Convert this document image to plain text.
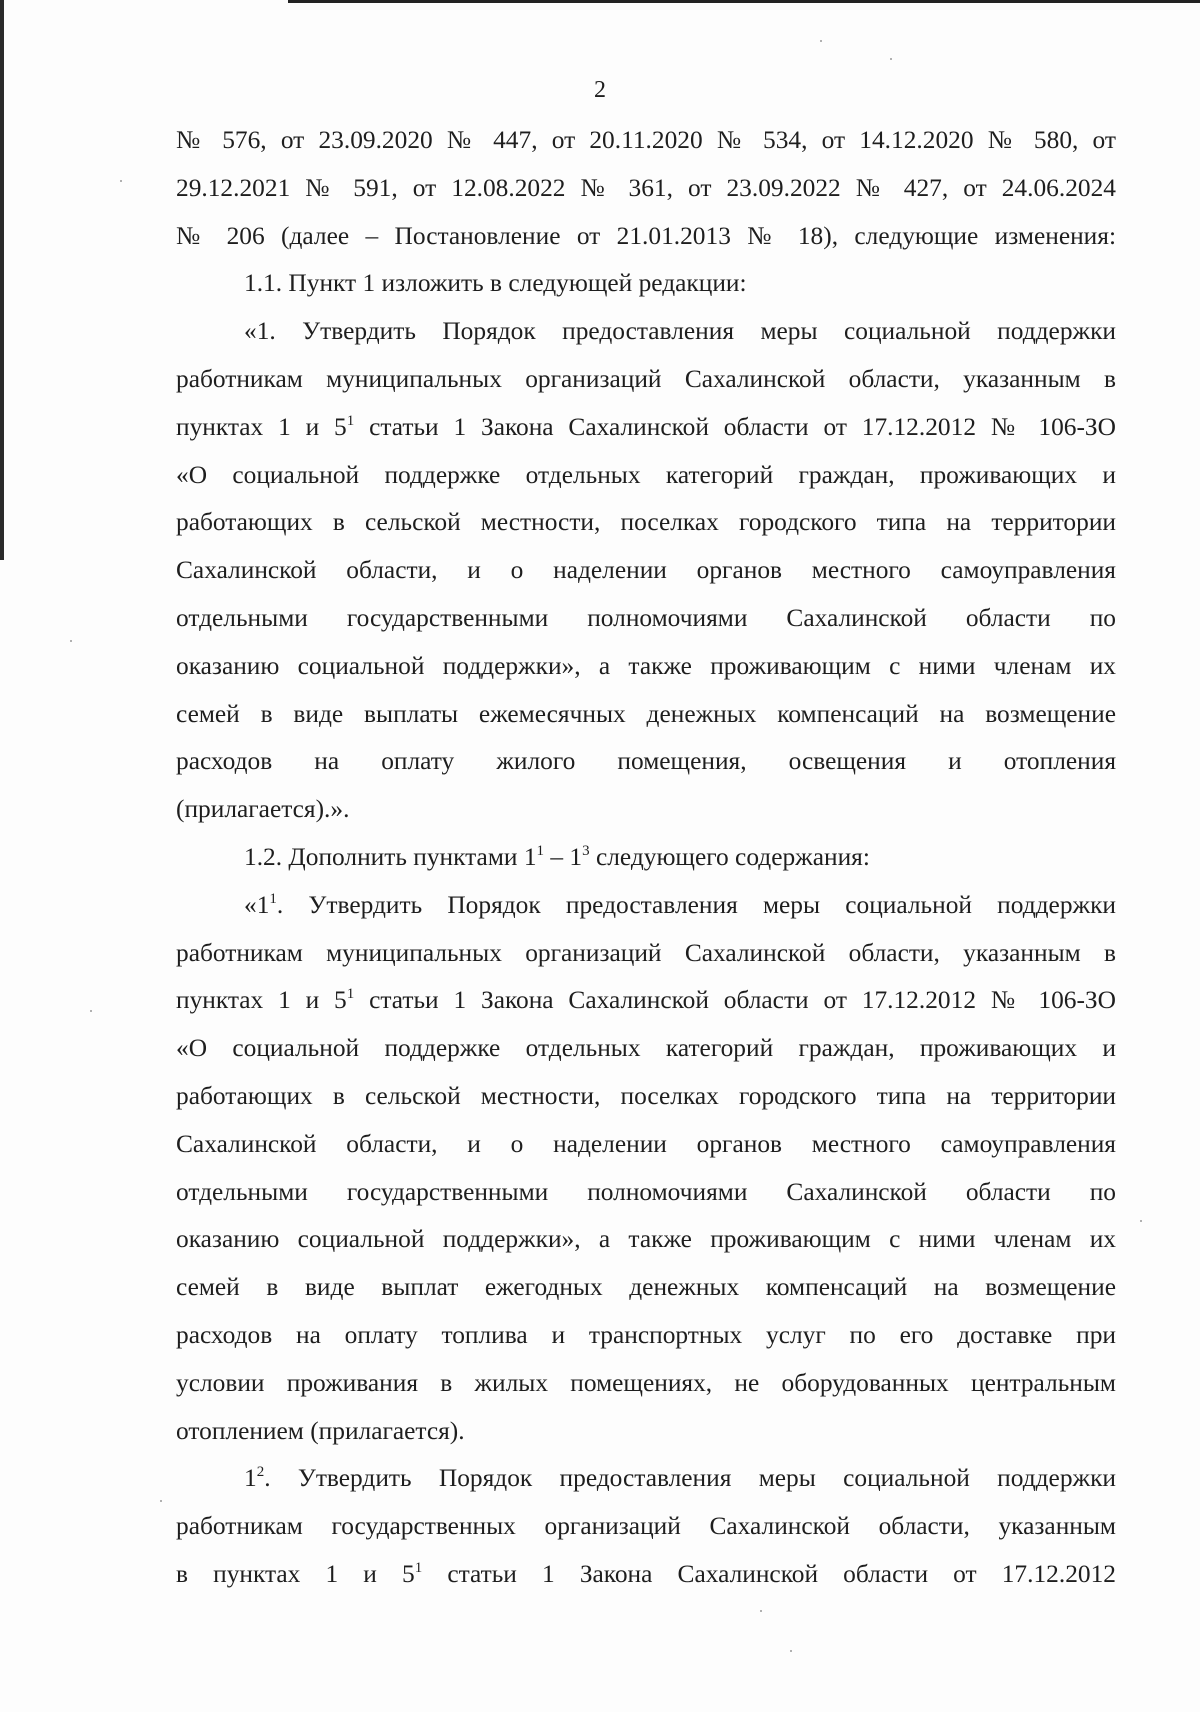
2
№ 576, от 23.09.2020 № 447, от 20.11.2020 № 534, от 14.12.2020 № 580, от
29.12.2021 № 591, от 12.08.2022 № 361, от 23.09.2022 № 427, от 24.06.2024
№ 206 (далее – Постановление от 21.01.2013 № 18), следующие изменения:
1.1. Пункт 1 изложить в следующей редакции:
«1. Утвердить Порядок предоставления меры социальной поддержки
работникам муниципальных организаций Сахалинской области, указанным в
пунктах 1 и $5^1$ статьи 1 Закона Сахалинской области от 17.12.2012 № 106-ЗО
«О социальной поддержке отдельных категорий граждан, проживающих и
работающих в сельской местности, поселках городского типа на территории
Сахалинской области, и о наделении органов местного самоуправления
отдельными государственными полномочиями Сахалинской области по
оказанию социальной поддержки», а также проживающим с ними членам их
семей в виде выплаты ежемесячных денежных компенсаций на возмещение
расходов на оплату жилого помещения, освещения и отопления
(прилагается).».
1.2. Дополнить пунктами $1^1 - 1^3$ следующего содержания:
«$1^1$. Утвердить Порядок предоставления меры социальной поддержки
работникам муниципальных организаций Сахалинской области, указанным в
пунктах 1 и $5^1$ статьи 1 Закона Сахалинской области от 17.12.2012 № 106-ЗО
«О социальной поддержке отдельных категорий граждан, проживающих и
работающих в сельской местности, поселках городского типа на территории
Сахалинской области, и о наделении органов местного самоуправления
отдельными государственными полномочиями Сахалинской области по
оказанию социальной поддержки», а также проживающим с ними членам их
семей в виде выплат ежегодных денежных компенсаций на возмещение
расходов на оплату топлива и транспортных услуг по его доставке при
условии проживания в жилых помещениях, не оборудованных центральным
отоплением (прилагается).
$1^2$. Утвердить Порядок предоставления меры социальной поддержки
работникам государственных организаций Сахалинской области, указанным
в пунктах 1 и $5^1$ статьи 1 Закона Сахалинской области от 17.12.2012
